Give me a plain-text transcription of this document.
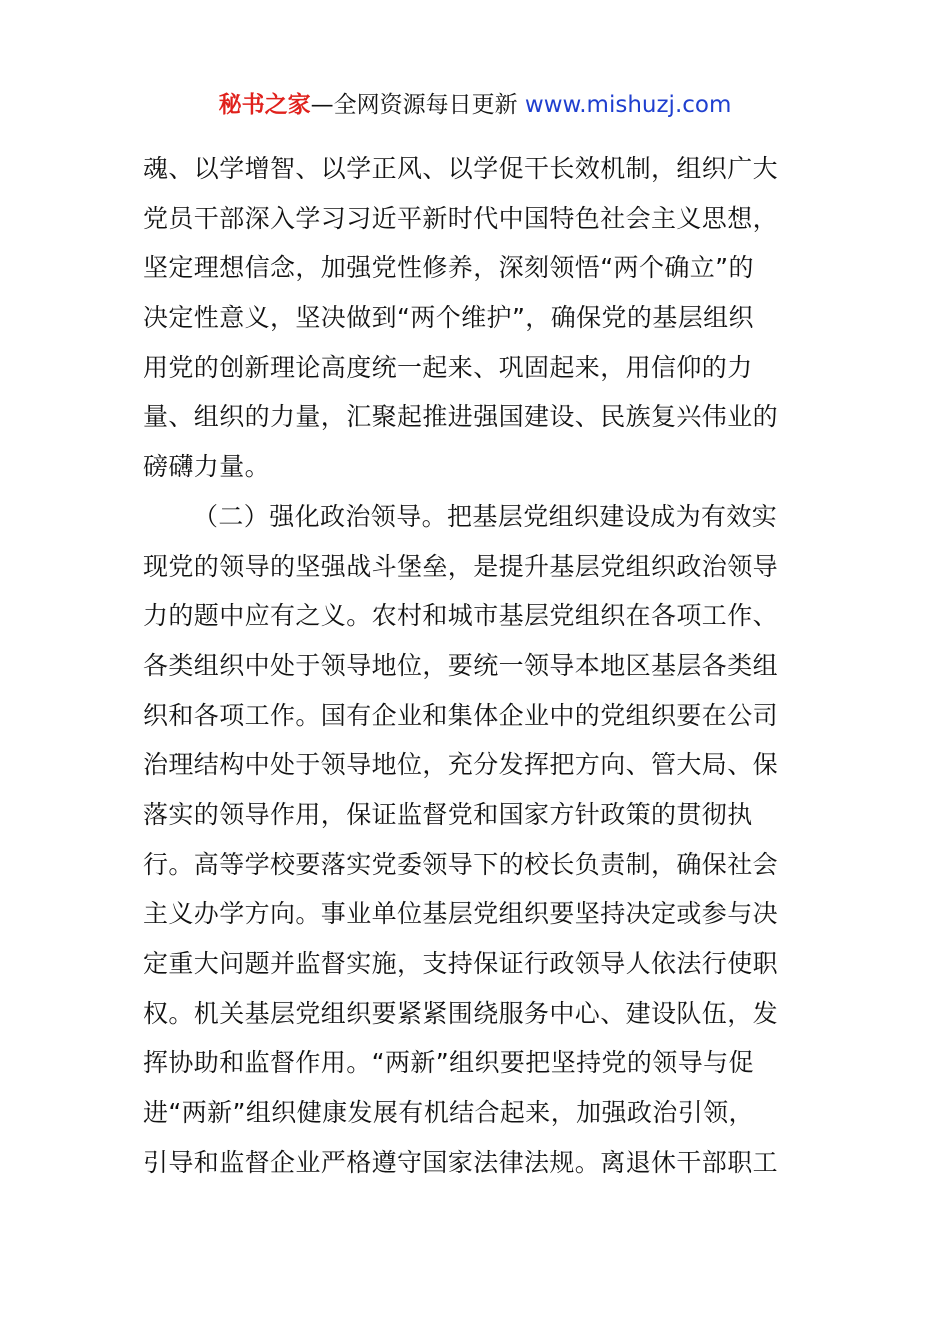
秘书之家—全网资源每日更新 www.mishuzj.com
魂、以学增智、以学正风、以学促干长效机制，组织广大
党员干部深入学习习近平新时代中国特色社会主义思想，
坚定理想信念，加强党性修养，深刻领悟“两个确立”的
决定性意义，坚决做到“两个维护”，确保党的基层组织
用党的创新理论高度统一起来、巩固起来，用信仰的力
量、组织的力量，汇聚起推进强国建设、民族复兴伟业的
磅礴力量。
（二）强化政治领导。把基层党组织建设成为有效实
现党的领导的坚强战斗堡垒，是提升基层党组织政治领导
力的题中应有之义。农村和城市基层党组织在各项工作、
各类组织中处于领导地位，要统一领导本地区基层各类组
织和各项工作。国有企业和集体企业中的党组织要在公司
治理结构中处于领导地位，充分发挥把方向、管大局、保
落实的领导作用，保证监督党和国家方针政策的贯彻执
行。高等学校要落实党委领导下的校长负责制，确保社会
主义办学方向。事业单位基层党组织要坚持决定或参与决
定重大问题并监督实施，支持保证行政领导人依法行使职
权。机关基层党组织要紧紧围绕服务中心、建设队伍，发
挥协助和监督作用。“两新”组织要把坚持党的领导与促
进“两新”组织健康发展有机结合起来，加强政治引领，
引导和监督企业严格遵守国家法律法规。离退休干部职工
